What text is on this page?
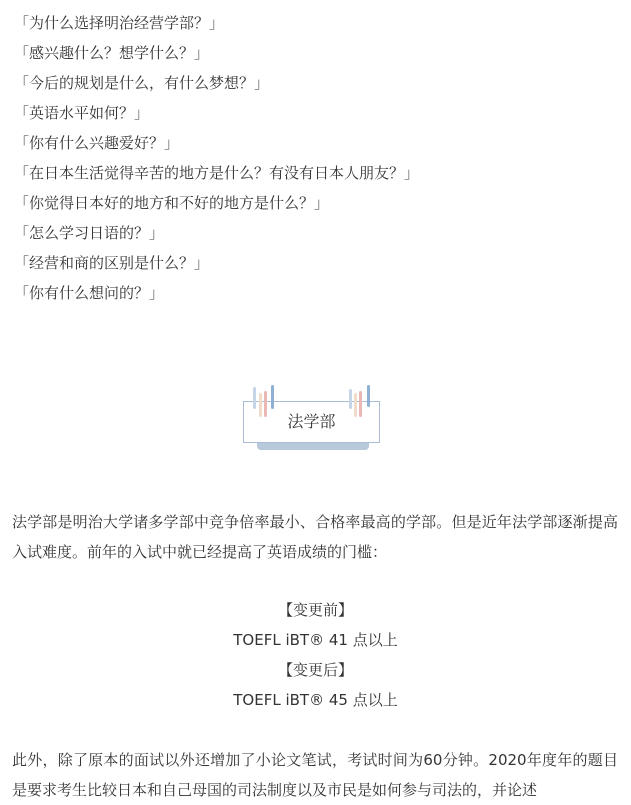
「为什么选择明治经营学部？」
「感兴趣什么？想学什么？」
「今后的规划是什么，有什么梦想？」
「英语水平如何？」
「你有什么兴趣爱好？」
「在日本生活觉得辛苦的地方是什么？有没有日本人朋友？」
「你觉得日本好的地方和不好的地方是什么？」
「怎么学习日语的？」
「经营和商的区别是什么？」
「你有什么想问的？」
法学部

法学部是明治大学诸多学部中竞争倍率最小、合格率最高的学部。但是近年法学部逐渐提高入试难度。前年的入试中就已经提高了英语成绩的门槛：

【变更前】
TOEFL iBT® 41 点以上
【变更后】
TOEFL iBT® 45 点以上

此外，除了原本的面试以外还增加了小论文笔试，考试时间为60分钟。2020年度年的题目是要求考生比较日本和自己母国的司法制度以及市民是如何参与司法的，并论述
